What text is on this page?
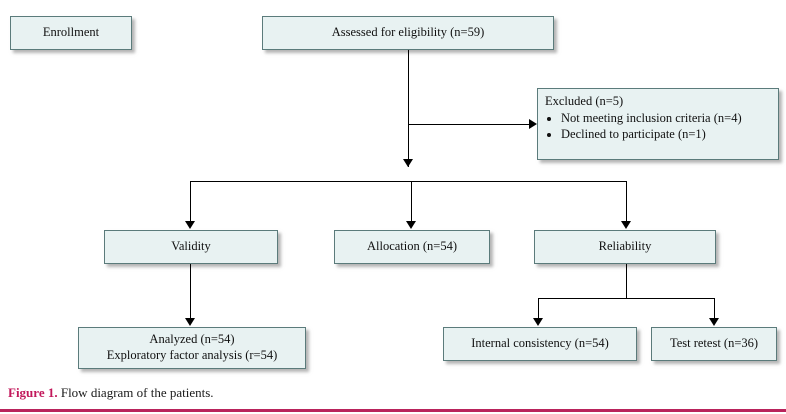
Enrollment	Assessed for eligibility (n=59)
Excluded (n=5)
• Not meeting inclusion criteria (n=4)
• Declined to participate (n=1)
Validity	Allocation (n=54)	Reliability
Analyzed (n=54)
Exploratory factor analysis (r=54)
Internal consistency (n=54)	Test retest (n=36)
Figure 1. Flow diagram of the patients.
